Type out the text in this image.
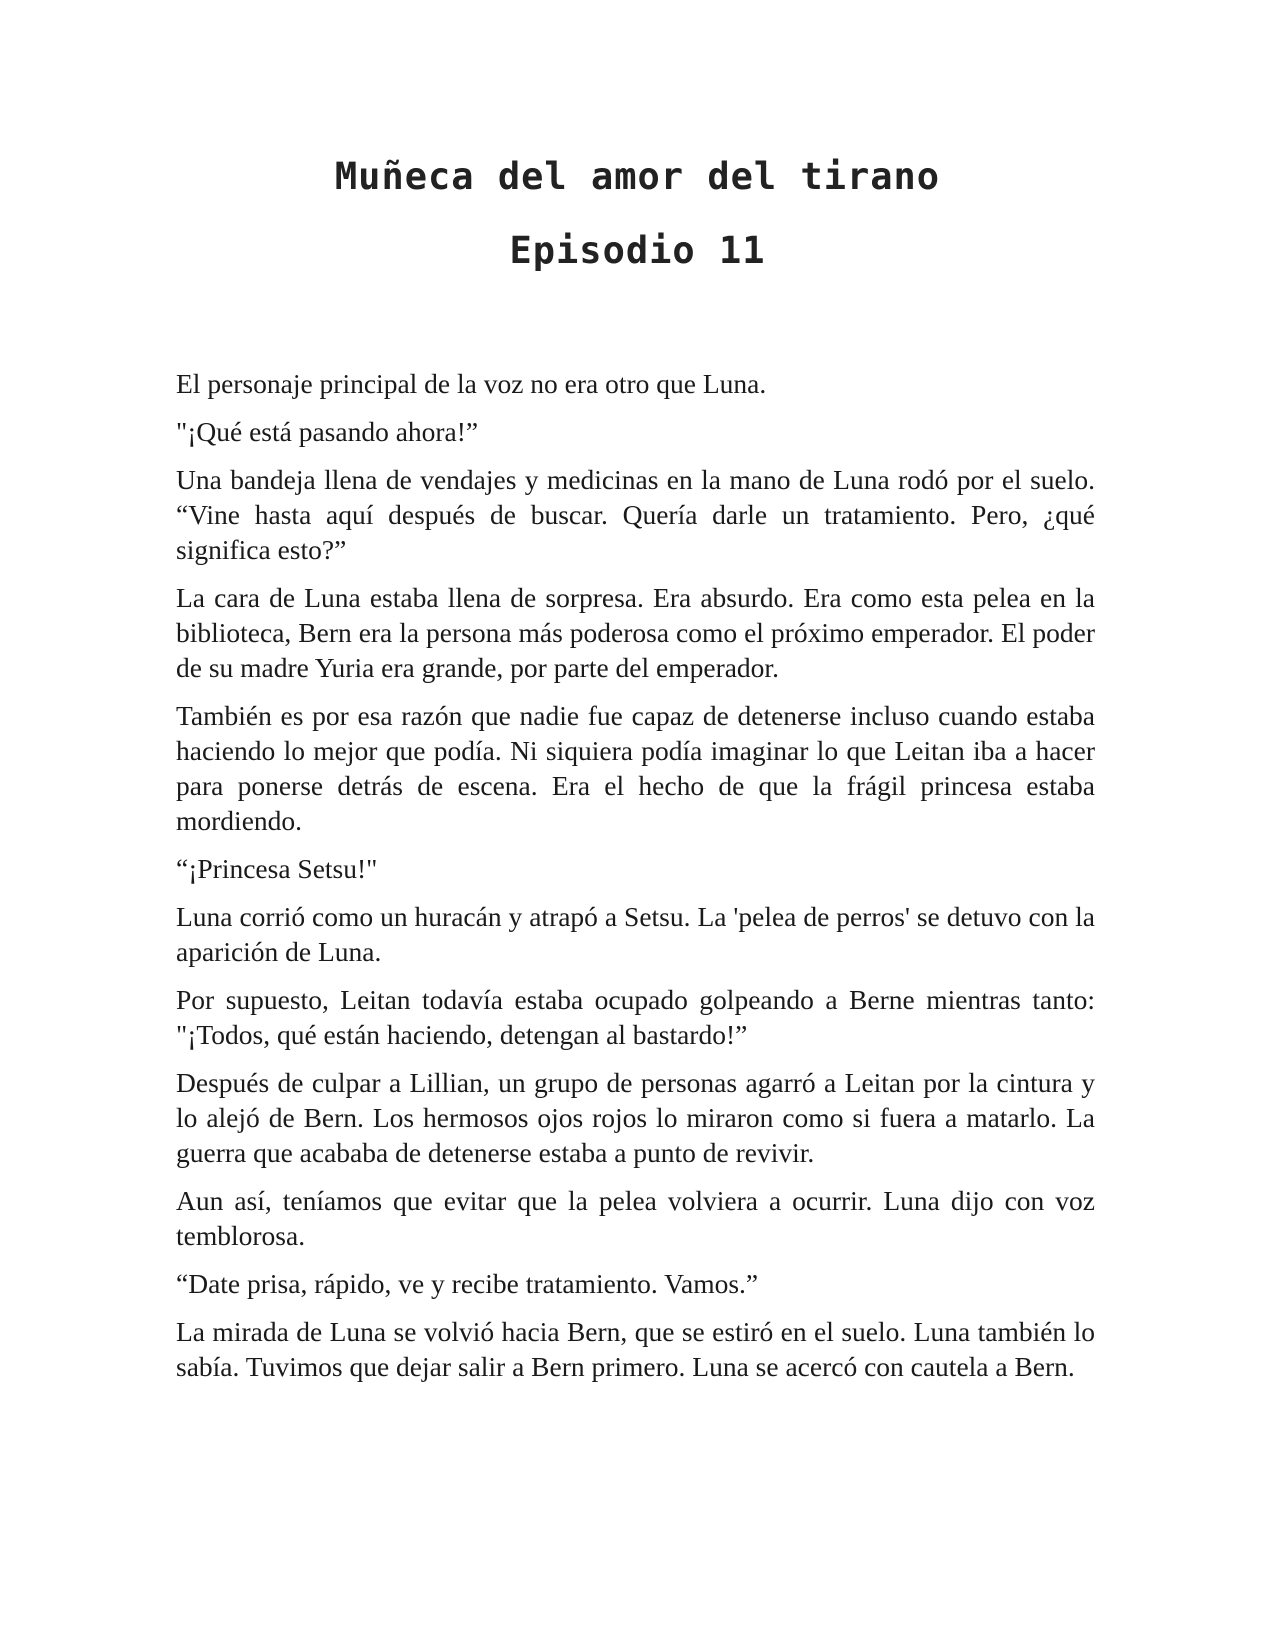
Muñeca del amor del tirano
Episodio 11

El personaje principal de la voz no era otro que Luna.

"¡Qué está pasando ahora!”

Una bandeja llena de vendajes y medicinas en la mano de Luna rodó por el suelo. “Vine hasta aquí después de buscar. Quería darle un tratamiento. Pero, ¿qué significa esto?”

La cara de Luna estaba llena de sorpresa. Era absurdo. Era como esta pelea en la biblioteca, Bern era la persona más poderosa como el próximo emperador. El poder de su madre Yuria era grande, por parte del emperador.

También es por esa razón que nadie fue capaz de detenerse incluso cuando estaba haciendo lo mejor que podía. Ni siquiera podía imaginar lo que Leitan iba a hacer para ponerse detrás de escena. Era el hecho de que la frágil princesa estaba mordiendo.

“¡Princesa Setsu!"

Luna corrió como un huracán y atrapó a Setsu. La 'pelea de perros' se detuvo con la aparición de Luna.

Por supuesto, Leitan todavía estaba ocupado golpeando a Berne mientras tanto: "¡Todos, qué están haciendo, detengan al bastardo!”

Después de culpar a Lillian, un grupo de personas agarró a Leitan por la cintura y lo alejó de Bern. Los hermosos ojos rojos lo miraron como si fuera a matarlo. La guerra que acababa de detenerse estaba a punto de revivir.

Aun así, teníamos que evitar que la pelea volviera a ocurrir. Luna dijo con voz temblorosa.

“Date prisa, rápido, ve y recibe tratamiento. Vamos.”

La mirada de Luna se volvió hacia Bern, que se estiró en el suelo. Luna también lo sabía. Tuvimos que dejar salir a Bern primero. Luna se acercó con cautela a Bern.
